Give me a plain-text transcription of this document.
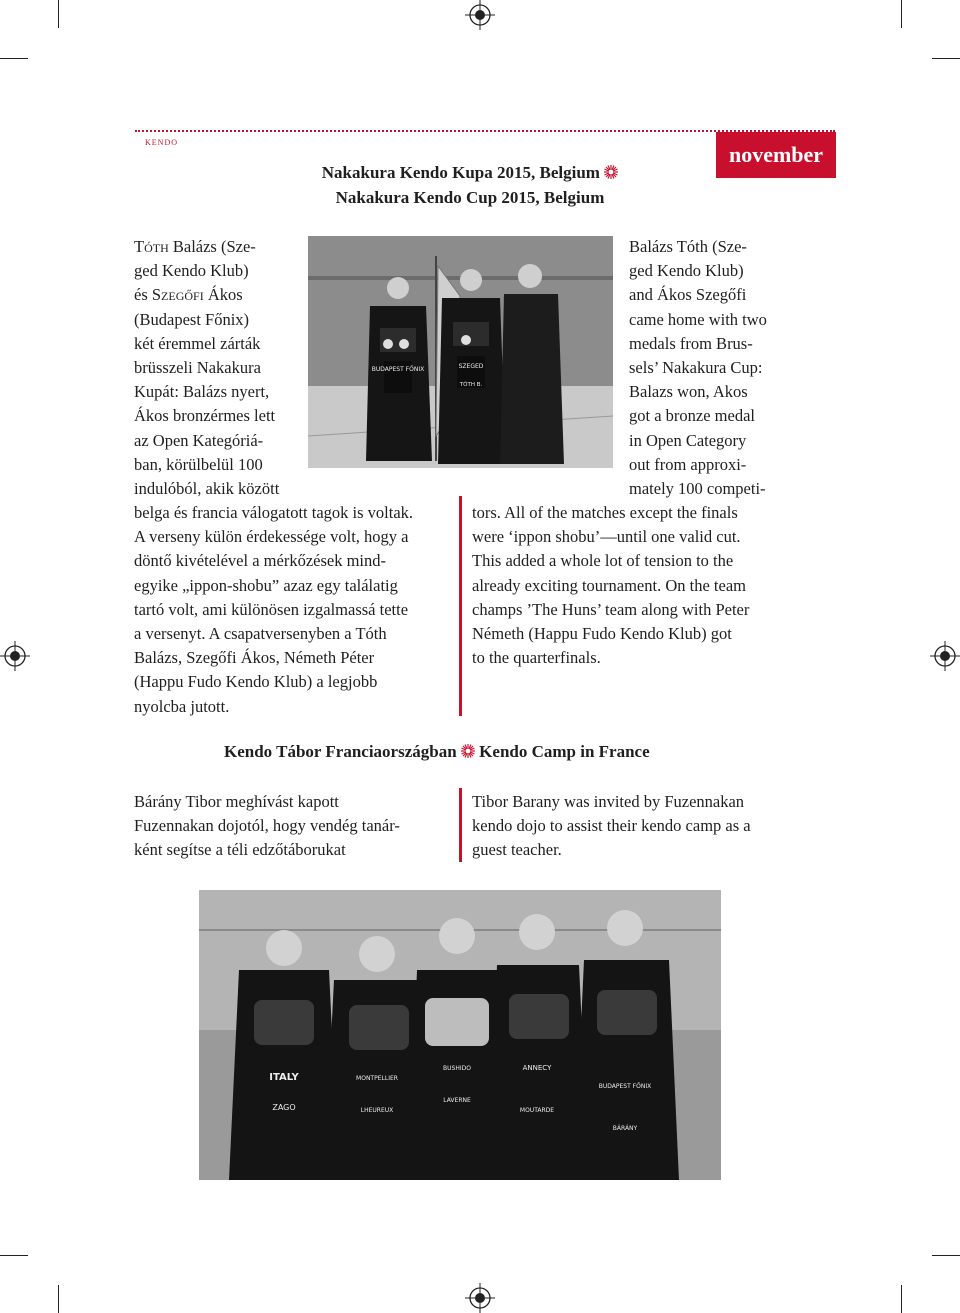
kendo
november
Nakakura Kendo Kupa 2015, Belgium
Nakakura Kendo Cup 2015, Belgium
Tóth Balázs (Sze-
ged Kendo Klub)
és Szegőfi Ákos
(Budapest Főnix)
két éremmel zárták
brüsszeli Nakakura
Kupát: Balázs nyert,
Ákos bronzérmes lett
az Open Kategóriá-
ban, körülbelül 100
indulóból, akik között
belga és francia válogatott tagok is voltak.
A verseny külön érdekessége volt, hogy a
döntő kivételével a mérkőzések mind-
egyike „ippon-shobu” azaz egy találatig
tartó volt, ami különösen izgalmassá tette
a versenyt. A csapatversenyben a Tóth
Balázs, Szegőfi Ákos, Németh Péter
(Happu Fudo Kendo Klub) a legjobb
nyolcba jutott.
BUDAPEST FŐNIX	SZEGED
TÓTH B.
Balázs Tóth (Sze-
ged Kendo Klub)
and Ákos Szegőfi
came home with two
medals from Brus-
sels’ Nakakura Cup:
Balazs won, Akos
got a bronze medal
in Open Category
out from approxi-
mately 100 competi-
tors. All of the matches except the finals
were ‘ippon shobu’—until one valid cut.
This added a whole lot of tension to the
already exciting tournament. On the team
champs ’The Huns’ team along with Peter
Németh (Happu Fudo Kendo Klub) got
to the quarterfinals.
Kendo Tábor Franciaországban Kendo Camp in France
Bárány Tibor meghívást kapott
Fuzennakan dojotól, hogy vendég tanár-
ként segítse a téli edzőtáborukat
Tibor Barany was invited by Fuzennakan
kendo dojo to assist their kendo camp as a
guest teacher.
ITALY
ZAGO
MONTPELLIER
LHEUREUX
BUSHIDO
LAVERNE
ANNECY
MOUTARDE
BUDAPEST FŐNIX
BÁRÁNY
